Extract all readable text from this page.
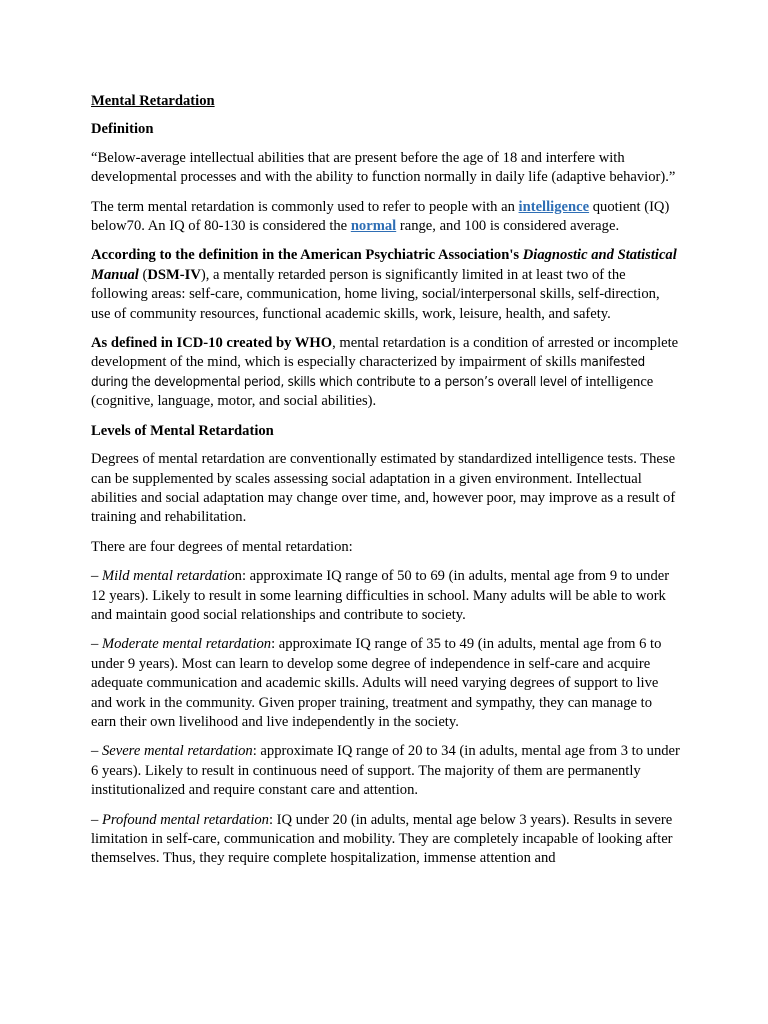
Mental Retardation
Definition

“Below-average intellectual abilities that are present before the age of 18 and interfere with developmental processes and with the ability to function normally in daily life (adaptive behavior).”

The term mental retardation is commonly used to refer to people with an intelligence quotient (IQ) below70. An IQ of 80-130 is considered the normal range, and 100 is considered average.

According to the definition in the American Psychiatric Association's Diagnostic and Statistical Manual (DSM-IV), a mentally retarded person is significantly limited in at least two of the following areas: self-care, communication, home living, social/interpersonal skills, self-direction, use of community resources, functional academic skills, work, leisure, health, and safety.

As defined in ICD-10 created by WHO, mental retardation is a condition of arrested or incomplete development of the mind, which is especially characterized by impairment of skills manifested during the developmental period, skills which contribute to a person’s overall level of intelligence (cognitive, language, motor, and social abilities).

Levels of Mental Retardation

Degrees of mental retardation are conventionally estimated by standardized intelligence tests. These can be supplemented by scales assessing social adaptation in a given environment. Intellectual abilities and social adaptation may change over time, and, however poor, may improve as a result of training and rehabilitation.

There are four degrees of mental retardation:

– Mild mental retardation: approximate IQ range of 50 to 69 (in adults, mental age from 9 to under 12 years). Likely to result in some learning difficulties in school. Many adults will be able to work and maintain good social relationships and contribute to society.

– Moderate mental retardation: approximate IQ range of 35 to 49 (in adults, mental age from 6 to under 9 years). Most can learn to develop some degree of independence in self-care and acquire adequate communication and academic skills. Adults will need varying degrees of support to live and work in the community. Given proper training, treatment and sympathy, they can manage to earn their own livelihood and live independently in the society.

– Severe mental retardation: approximate IQ range of 20 to 34 (in adults, mental age from 3 to under 6 years). Likely to result in continuous need of support. The majority of them are permanently institutionalized and require constant care and attention.

– Profound mental retardation: IQ under 20 (in adults, mental age below 3 years). Results in severe limitation in self-care, communication and mobility. They are completely incapable of looking after themselves. Thus, they require complete hospitalization, immense attention and
